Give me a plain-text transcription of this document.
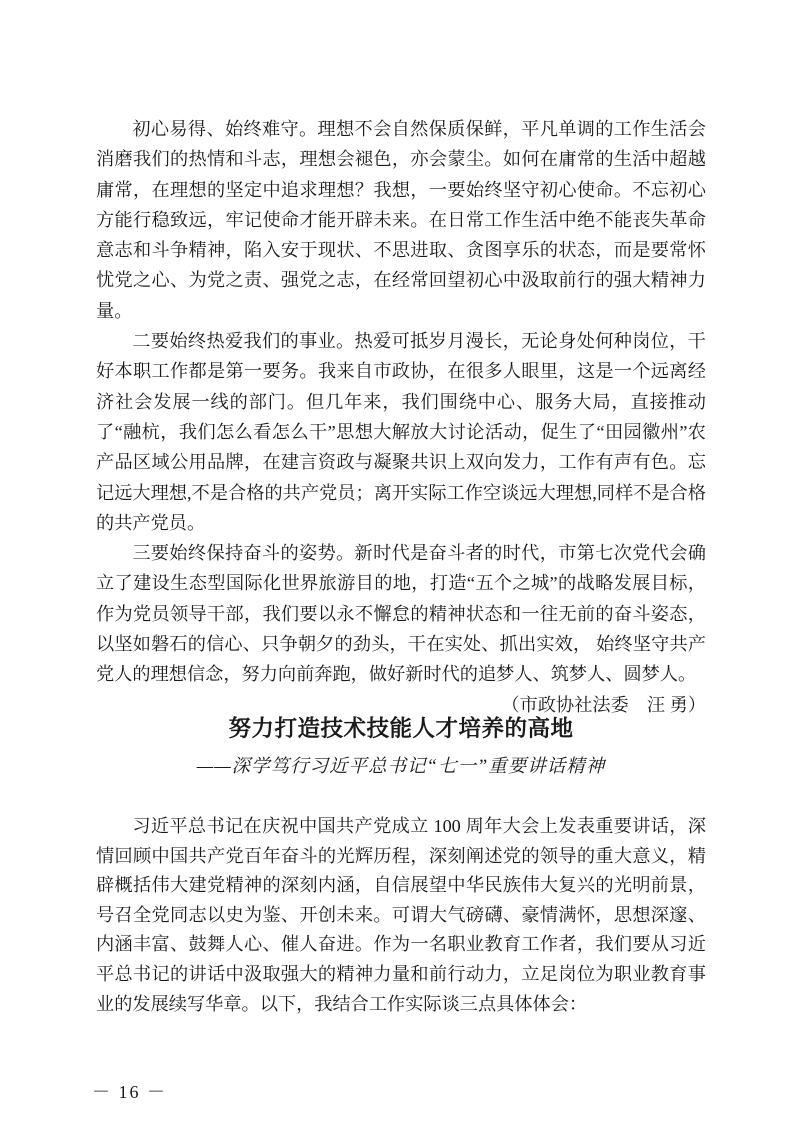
初心易得、始终难守。理想不会自然保质保鲜，平凡单调的工作生活会消磨我们的热情和斗志，理想会褪色，亦会蒙尘。如何在庸常的生活中超越庸常，在理想的坚定中追求理想？我想，一要始终坚守初心使命。不忘初心方能行稳致远，牢记使命才能开辟未来。在日常工作生活中绝不能丧失革命意志和斗争精神，陷入安于现状、不思进取、贪图享乐的状态，而是要常怀忧党之心、为党之责、强党之志，在经常回望初心中汲取前行的强大精神力量。

二要始终热爱我们的事业。热爱可抵岁月漫长，无论身处何种岗位，干好本职工作都是第一要务。我来自市政协，在很多人眼里，这是一个远离经济社会发展一线的部门。但几年来，我们围绕中心、服务大局，直接推动了“融杭，我们怎么看怎么干”思想大解放大讨论活动，促生了“田园徽州”农产品区域公用品牌，在建言资政与凝聚共识上双向发力，工作有声有色。忘记远大理想,不是合格的共产党员；离开实际工作空谈远大理想,同样不是合格的共产党员。

三要始终保持奋斗的姿势。新时代是奋斗者的时代，市第七次党代会确立了建设生态型国际化世界旅游目的地，打造“五个之城”的战略发展目标，作为党员领导干部，我们要以永不懈怠的精神状态和一往无前的奋斗姿态，以坚如磐石的信心、只争朝夕的劲头，干在实处、抓出实效， 始终坚守共产党人的理想信念，努力向前奔跑，做好新时代的追梦人、筑梦人、圆梦人。
（市政协社法委　汪 勇）

努力打造技术技能人才培养的高地
——深学笃行习近平总书记“七一”重要讲话精神

习近平总书记在庆祝中国共产党成立 100 周年大会上发表重要讲话，深情回顾中国共产党百年奋斗的光辉历程，深刻阐述党的领导的重大意义，精辟概括伟大建党精神的深刻内涵，自信展望中华民族伟大复兴的光明前景，号召全党同志以史为鉴、开创未来。可谓大气磅礴、豪情满怀，思想深邃、内涵丰富、鼓舞人心、催人奋进。作为一名职业教育工作者，我们要从习近平总书记的讲话中汲取强大的精神力量和前行动力，立足岗位为职业教育事业的发展续写华章。以下，我结合工作实际谈三点具体体会：

－ 16 －
